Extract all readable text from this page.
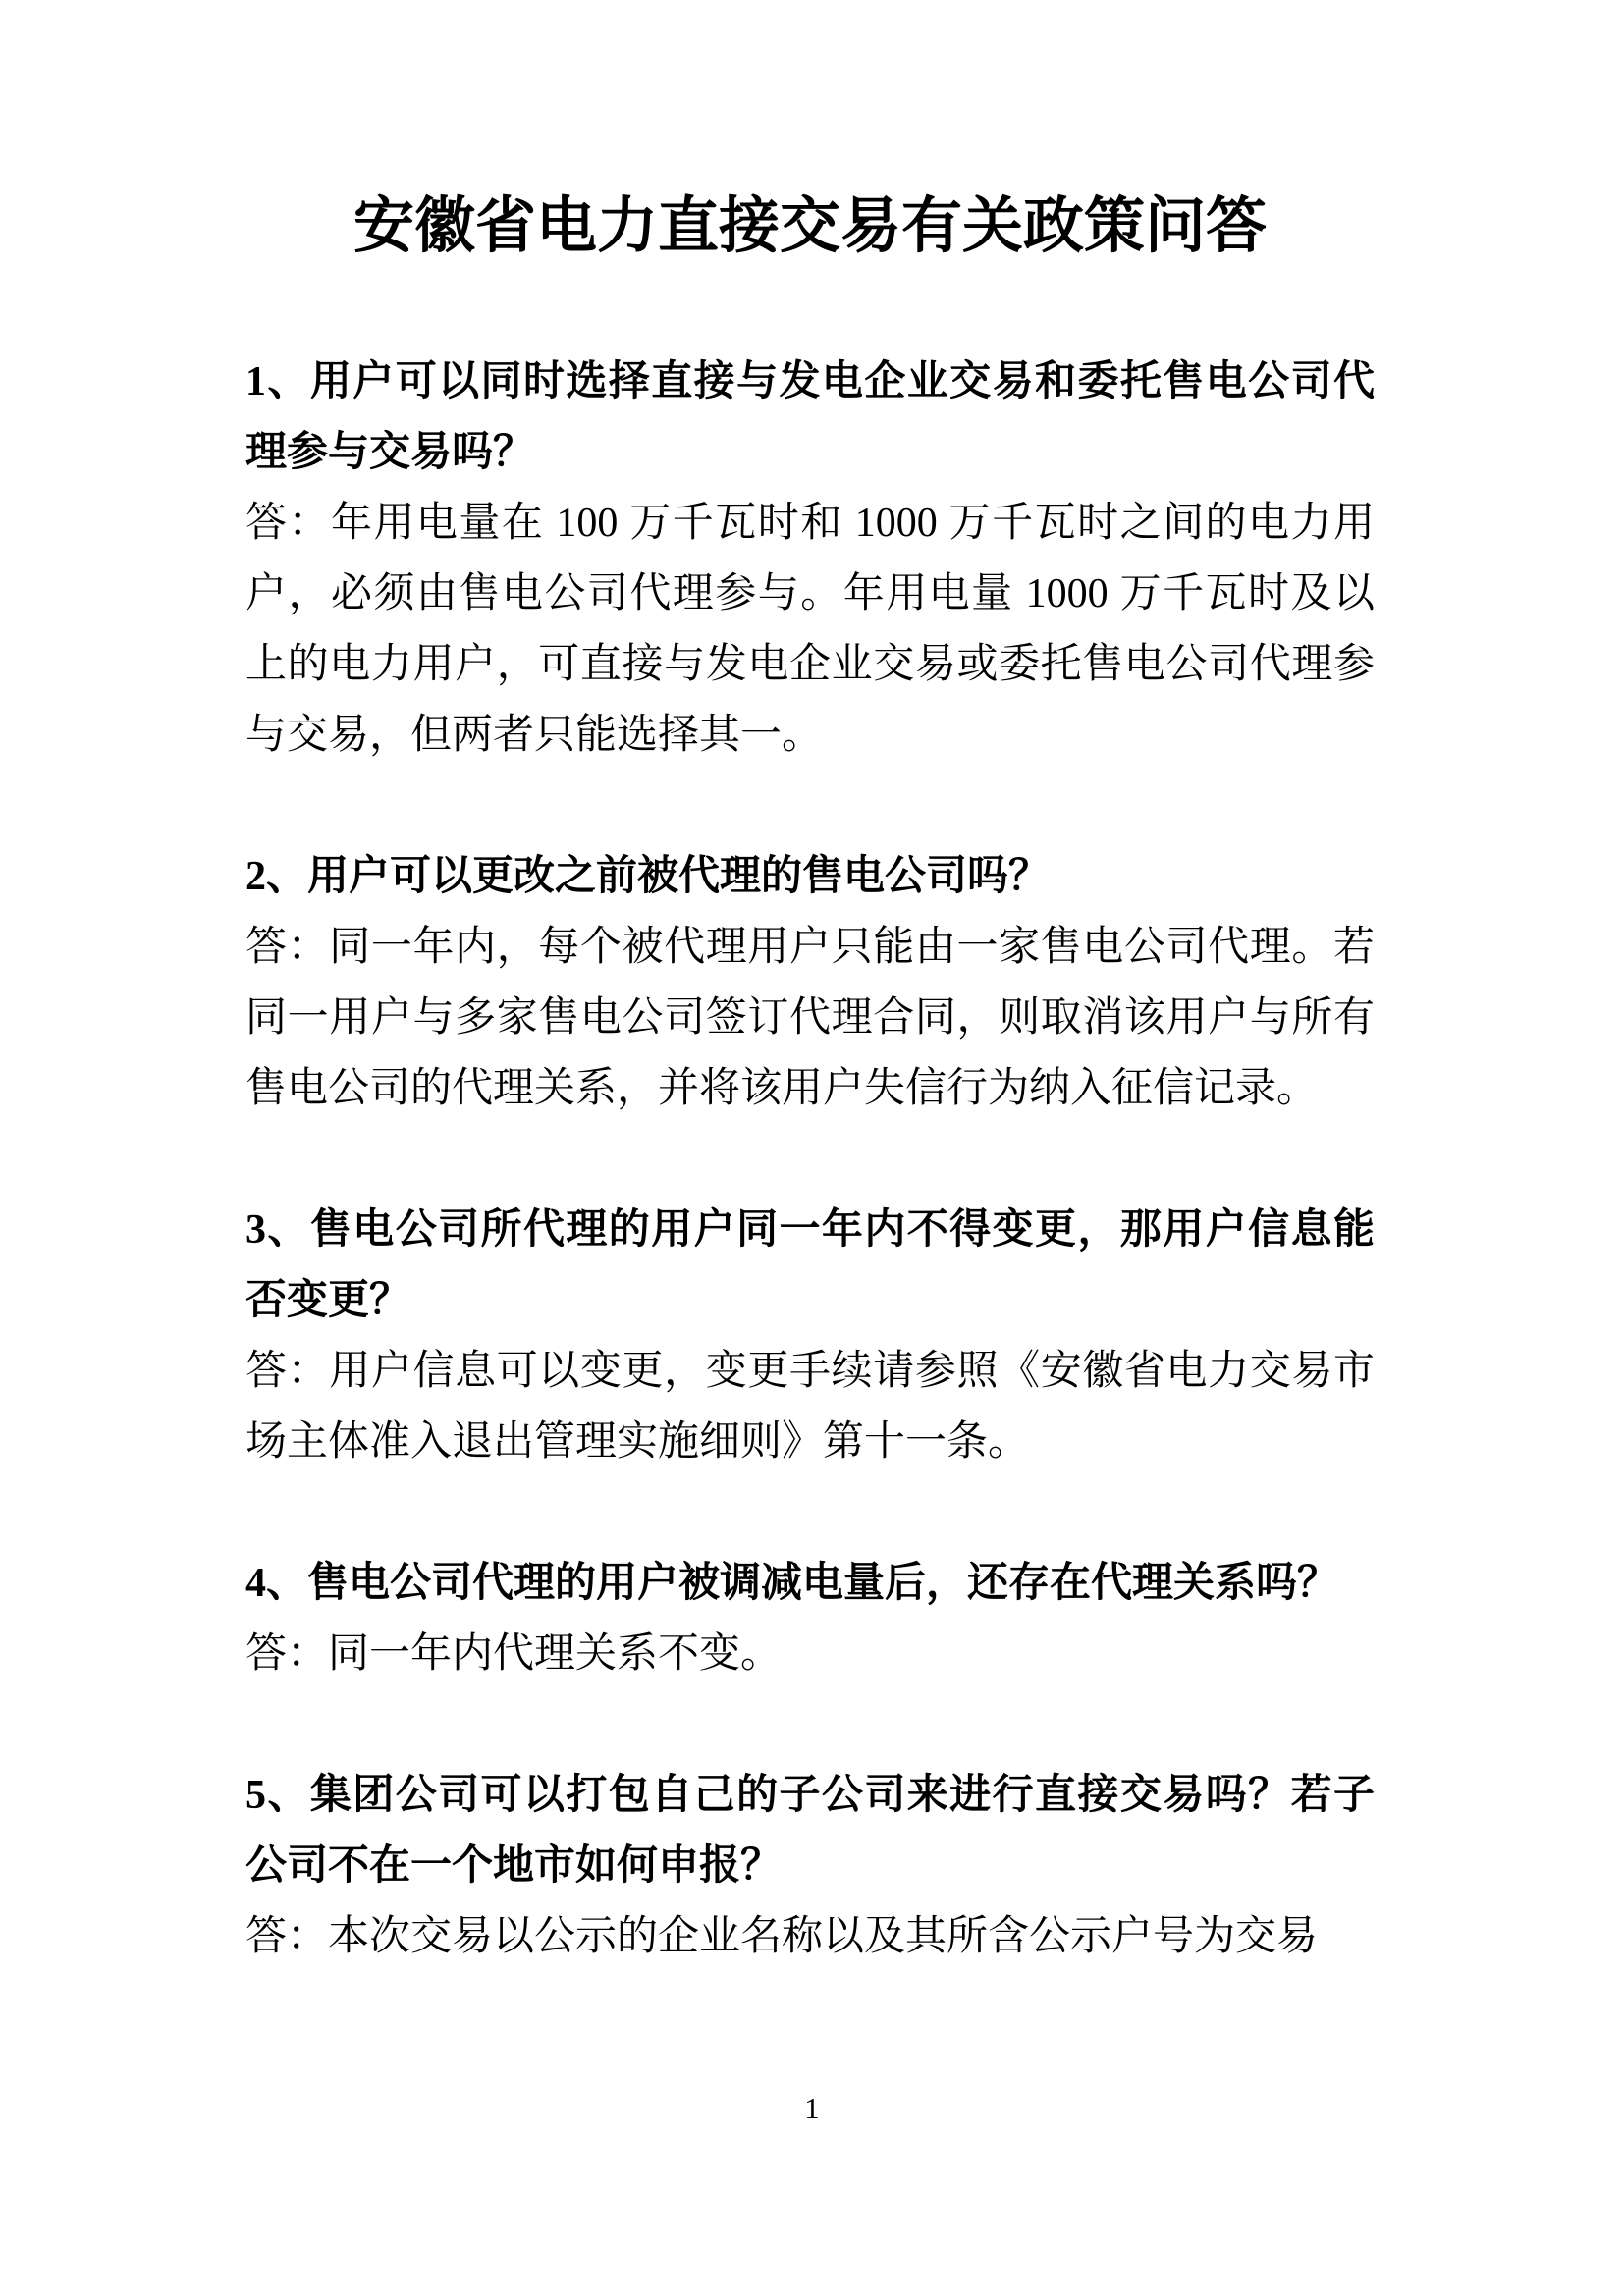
安徽省电力直接交易有关政策问答

1、用户可以同时选择直接与发电企业交易和委托售电公司代理参与交易吗？

答：年用电量在 100 万千瓦时和 1000 万千瓦时之间的电力用户，必须由售电公司代理参与。年用电量 1000 万千瓦时及以上的电力用户，可直接与发电企业交易或委托售电公司代理参与交易，但两者只能选择其一。

2、用户可以更改之前被代理的售电公司吗？

答：同一年内，每个被代理用户只能由一家售电公司代理。若同一用户与多家售电公司签订代理合同，则取消该用户与所有售电公司的代理关系，并将该用户失信行为纳入征信记录。

3、售电公司所代理的用户同一年内不得变更，那用户信息能否变更？

答：用户信息可以变更，变更手续请参照《安徽省电力交易市场主体准入退出管理实施细则》第十一条。

4、售电公司代理的用户被调减电量后，还存在代理关系吗？

答：同一年内代理关系不变。

5、集团公司可以打包自己的子公司来进行直接交易吗？若子公司不在一个地市如何申报？

答：本次交易以公示的企业名称以及其所含公示户号为交易

1
